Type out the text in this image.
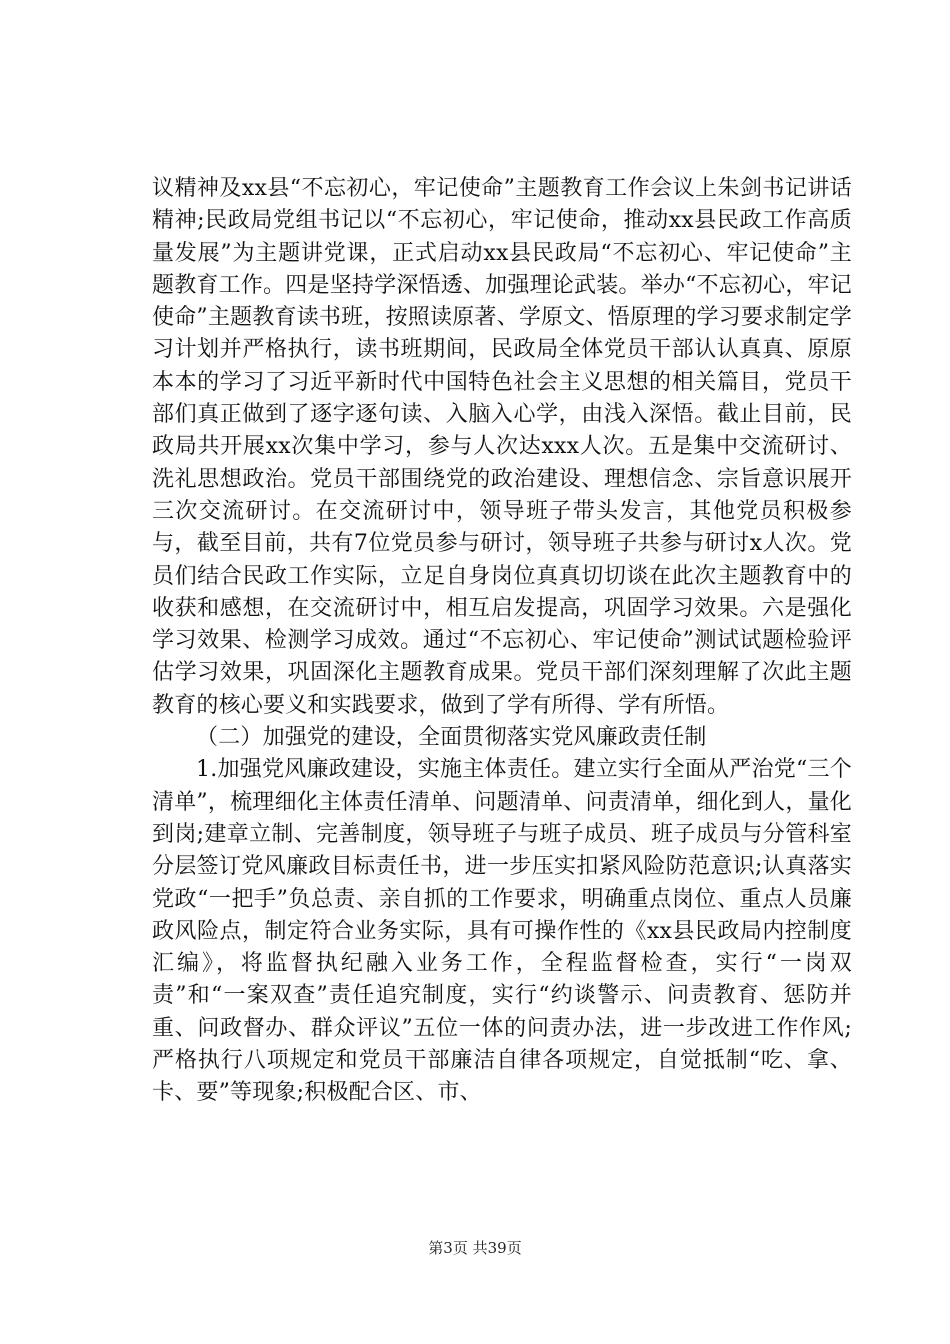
议精神及xx县“不忘初心，牢记使命”主题教育工作会议上朱剑书记讲话精神;民政局党组书记以“不忘初心，牢记使命，推动xx县民政工作高质量发展”为主题讲党课，正式启动xx县民政局“不忘初心、牢记使命”主题教育工作。四是坚持学深悟透、加强理论武装。举办“不忘初心，牢记使命”主题教育读书班，按照读原著、学原文、悟原理的学习要求制定学习计划并严格执行，读书班期间，民政局全体党员干部认认真真、原原本本的学习了习近平新时代中国特色社会主义思想的相关篇目，党员干部们真正做到了逐字逐句读、入脑入心学，由浅入深悟。截止目前，民政局共开展xx次集中学习，参与人次达xxx人次。五是集中交流研讨、洗礼思想政治。党员干部围绕党的政治建设、理想信念、宗旨意识展开三次交流研讨。在交流研讨中，领导班子带头发言，其他党员积极参与，截至目前，共有7位党员参与研讨，领导班子共参与研讨x人次。党员们结合民政工作实际，立足自身岗位真真切切谈在此次主题教育中的收获和感想，在交流研讨中，相互启发提高，巩固学习效果。六是强化学习效果、检测学习成效。通过“不忘初心、牢记使命”测试试题检验评估学习效果，巩固深化主题教育成果。党员干部们深刻理解了次此主题教育的核心要义和实践要求，做到了学有所得、学有所悟。

（二）加强党的建设，全面贯彻落实党风廉政责任制

1.加强党风廉政建设，实施主体责任。建立实行全面从严治党“三个清单”，梳理细化主体责任清单、问题清单、问责清单，细化到人，量化到岗;建章立制、完善制度，领导班子与班子成员、班子成员与分管科室分层签订党风廉政目标责任书，进一步压实扣紧风险防范意识;认真落实党政“一把手”负总责、亲自抓的工作要求，明确重点岗位、重点人员廉政风险点，制定符合业务实际，具有可操作性的《xx县民政局内控制度汇编》，将监督执纪融入业务工作，全程监督检查，实行“一岗双责”和“一案双查”责任追究制度，实行“约谈警示、问责教育、惩防并重、问政督办、群众评议”五位一体的问责办法，进一步改进工作作风;严格执行八项规定和党员干部廉洁自律各项规定，自觉抵制“吃、拿、卡、要”等现象;积极配合区、市、

第3页 共39页
